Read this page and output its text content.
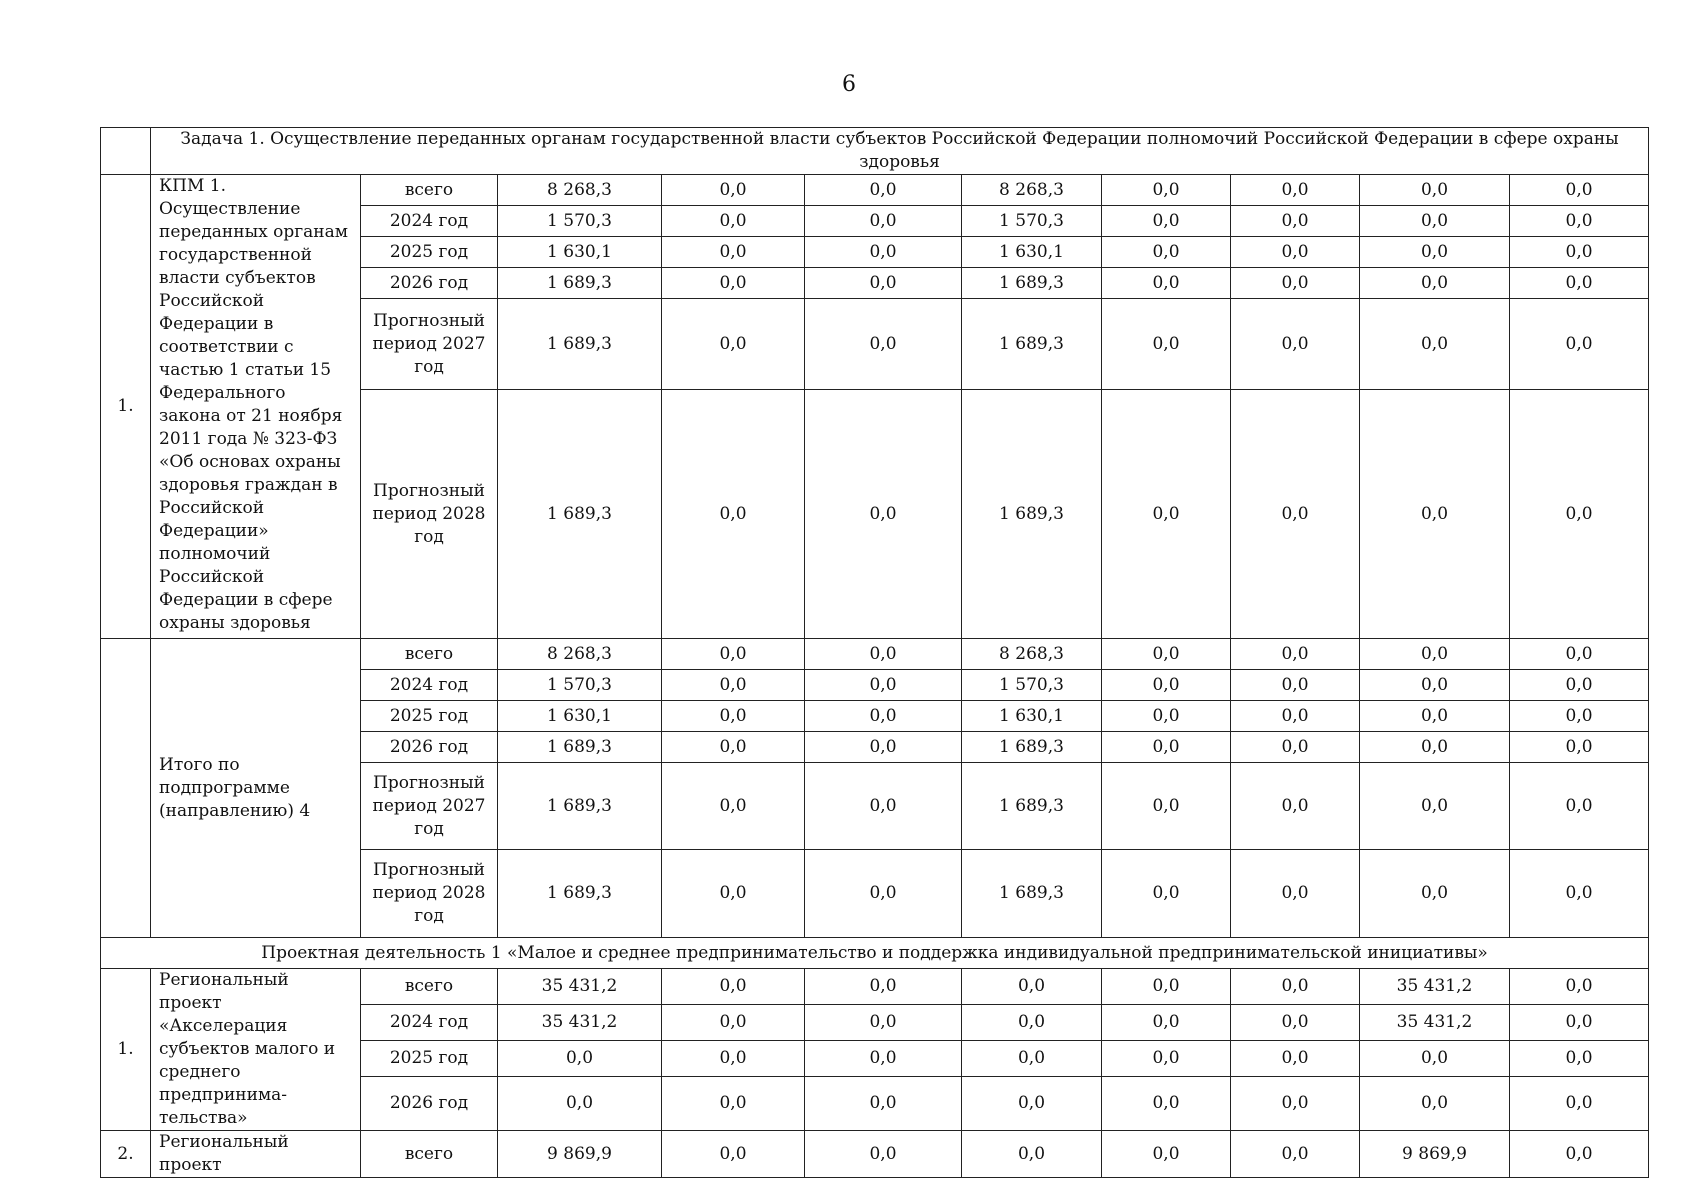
6
	Задача 1. Осуществление переданных органам государственной власти субъектов Российской Федерации полномочий Российской Федерации в сфере охраны здоровья									
1.	КПМ 1. Осуществление переданных органам государственной власти субъектов Российской Федерации в соответствии с частью 1 статьи 15 Федерального закона от 21 ноября 2011 года № 323-ФЗ «Об основах охраны здоровья граждан в Российской Федерации» полномочий Российской Федерации в сфере охраны здоровья	всего	8 268,3	0,0	0,0	8 268,3	0,0	0,0	0,0	0,0
		2024 год	1 570,3	0,0	0,0	1 570,3	0,0	0,0	0,0	0,0
		2025 год	1 630,1	0,0	0,0	1 630,1	0,0	0,0	0,0	0,0
		2026 год	1 689,3	0,0	0,0	1 689,3	0,0	0,0	0,0	0,0
		Прогнозный период 2027 год	1 689,3	0,0	0,0	1 689,3	0,0	0,0	0,0	0,0
		Прогнозный период 2028 год	1 689,3	0,0	0,0	1 689,3	0,0	0,0	0,0	0,0
	Итого по подпрограмме (направлению) 4	всего	8 268,3	0,0	0,0	8 268,3	0,0	0,0	0,0	0,0
		2024 год	1 570,3	0,0	0,0	1 570,3	0,0	0,0	0,0	0,0
		2025 год	1 630,1	0,0	0,0	1 630,1	0,0	0,0	0,0	0,0
		2026 год	1 689,3	0,0	0,0	1 689,3	0,0	0,0	0,0	0,0
		Прогнозный период 2027 год	1 689,3	0,0	0,0	1 689,3	0,0	0,0	0,0	0,0
		Прогнозный период 2028 год	1 689,3	0,0	0,0	1 689,3	0,0	0,0	0,0	0,0
Проектная деятельность 1 «Малое и среднее предпринимательство и поддержка индивидуальной предпринимательской инициативы»										
1.	Региональный проект «Акселерация субъектов малого и среднего предпринима-тельства»	всего	35 431,2	0,0	0,0	0,0	0,0	0,0	35 431,2	0,0
		2024 год	35 431,2	0,0	0,0	0,0	0,0	0,0	35 431,2	0,0
		2025 год	0,0	0,0	0,0	0,0	0,0	0,0	0,0	0,0
		2026 год	0,0	0,0	0,0	0,0	0,0	0,0	0,0	0,0
2.	Региональный проект	всего	9 869,9	0,0	0,0	0,0	0,0	0,0	9 869,9	0,0
